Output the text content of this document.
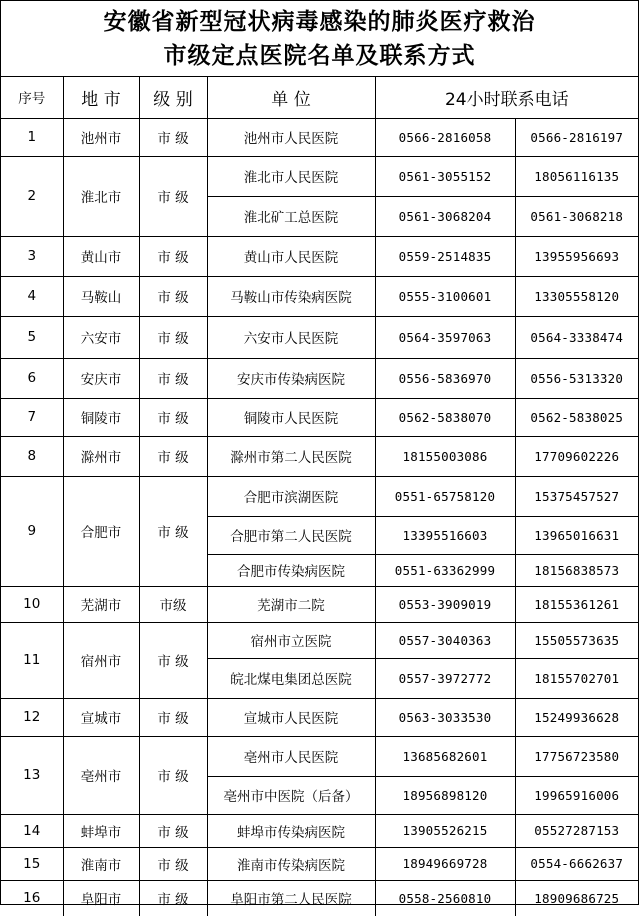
安徽省新型冠状病毒感染的肺炎医疗救治
市级定点医院名单及联系方式
序号	地 市	级 别	单 位	24小时联系电话	
1	池州市	市 级	池州市人民医院	0566-2816058	0566-2816197
2	淮北市	市 级	淮北市人民医院	0561-3055152	18056116135
			淮北矿工总医院	0561-3068204	0561-3068218
3	黄山市	市 级	黄山市人民医院	0559-2514835	13955956693
4	马鞍山	市 级	马鞍山市传染病医院	0555-3100601	13305558120
5	六安市	市 级	六安市人民医院	0564-3597063	0564-3338474
6	安庆市	市 级	安庆市传染病医院	0556-5836970	0556-5313320
7	铜陵市	市 级	铜陵市人民医院	0562-5838070	0562-5838025
8	滁州市	市 级	滁州市第二人民医院	18155003086	17709602226
9	合肥市	市 级	合肥市滨湖医院	0551-65758120	15375457527
			合肥市第二人民医院	13395516603	13965016631
			合肥市传染病医院	0551-63362999	18156838573
10	芜湖市	市级	芜湖市二院	0553-3909019	18155361261
11	宿州市	市 级	宿州市立医院	0557-3040363	15505573635
			皖北煤电集团总医院	0557-3972772	18155702701
12	宣城市	市 级	宣城市人民医院	0563-3033530	15249936628
13	亳州市	市 级	亳州市人民医院	13685682601	17756723580
			亳州市中医院（后备）	18956898120	19965916006
14	蚌埠市	市 级	蚌埠市传染病医院	13905526215	05527287153
15	淮南市	市 级	淮南市传染病医院	18949669728	0554-6662637
16	阜阳市	市 级	阜阳市第二人民医院	0558-2560810	18909686725
